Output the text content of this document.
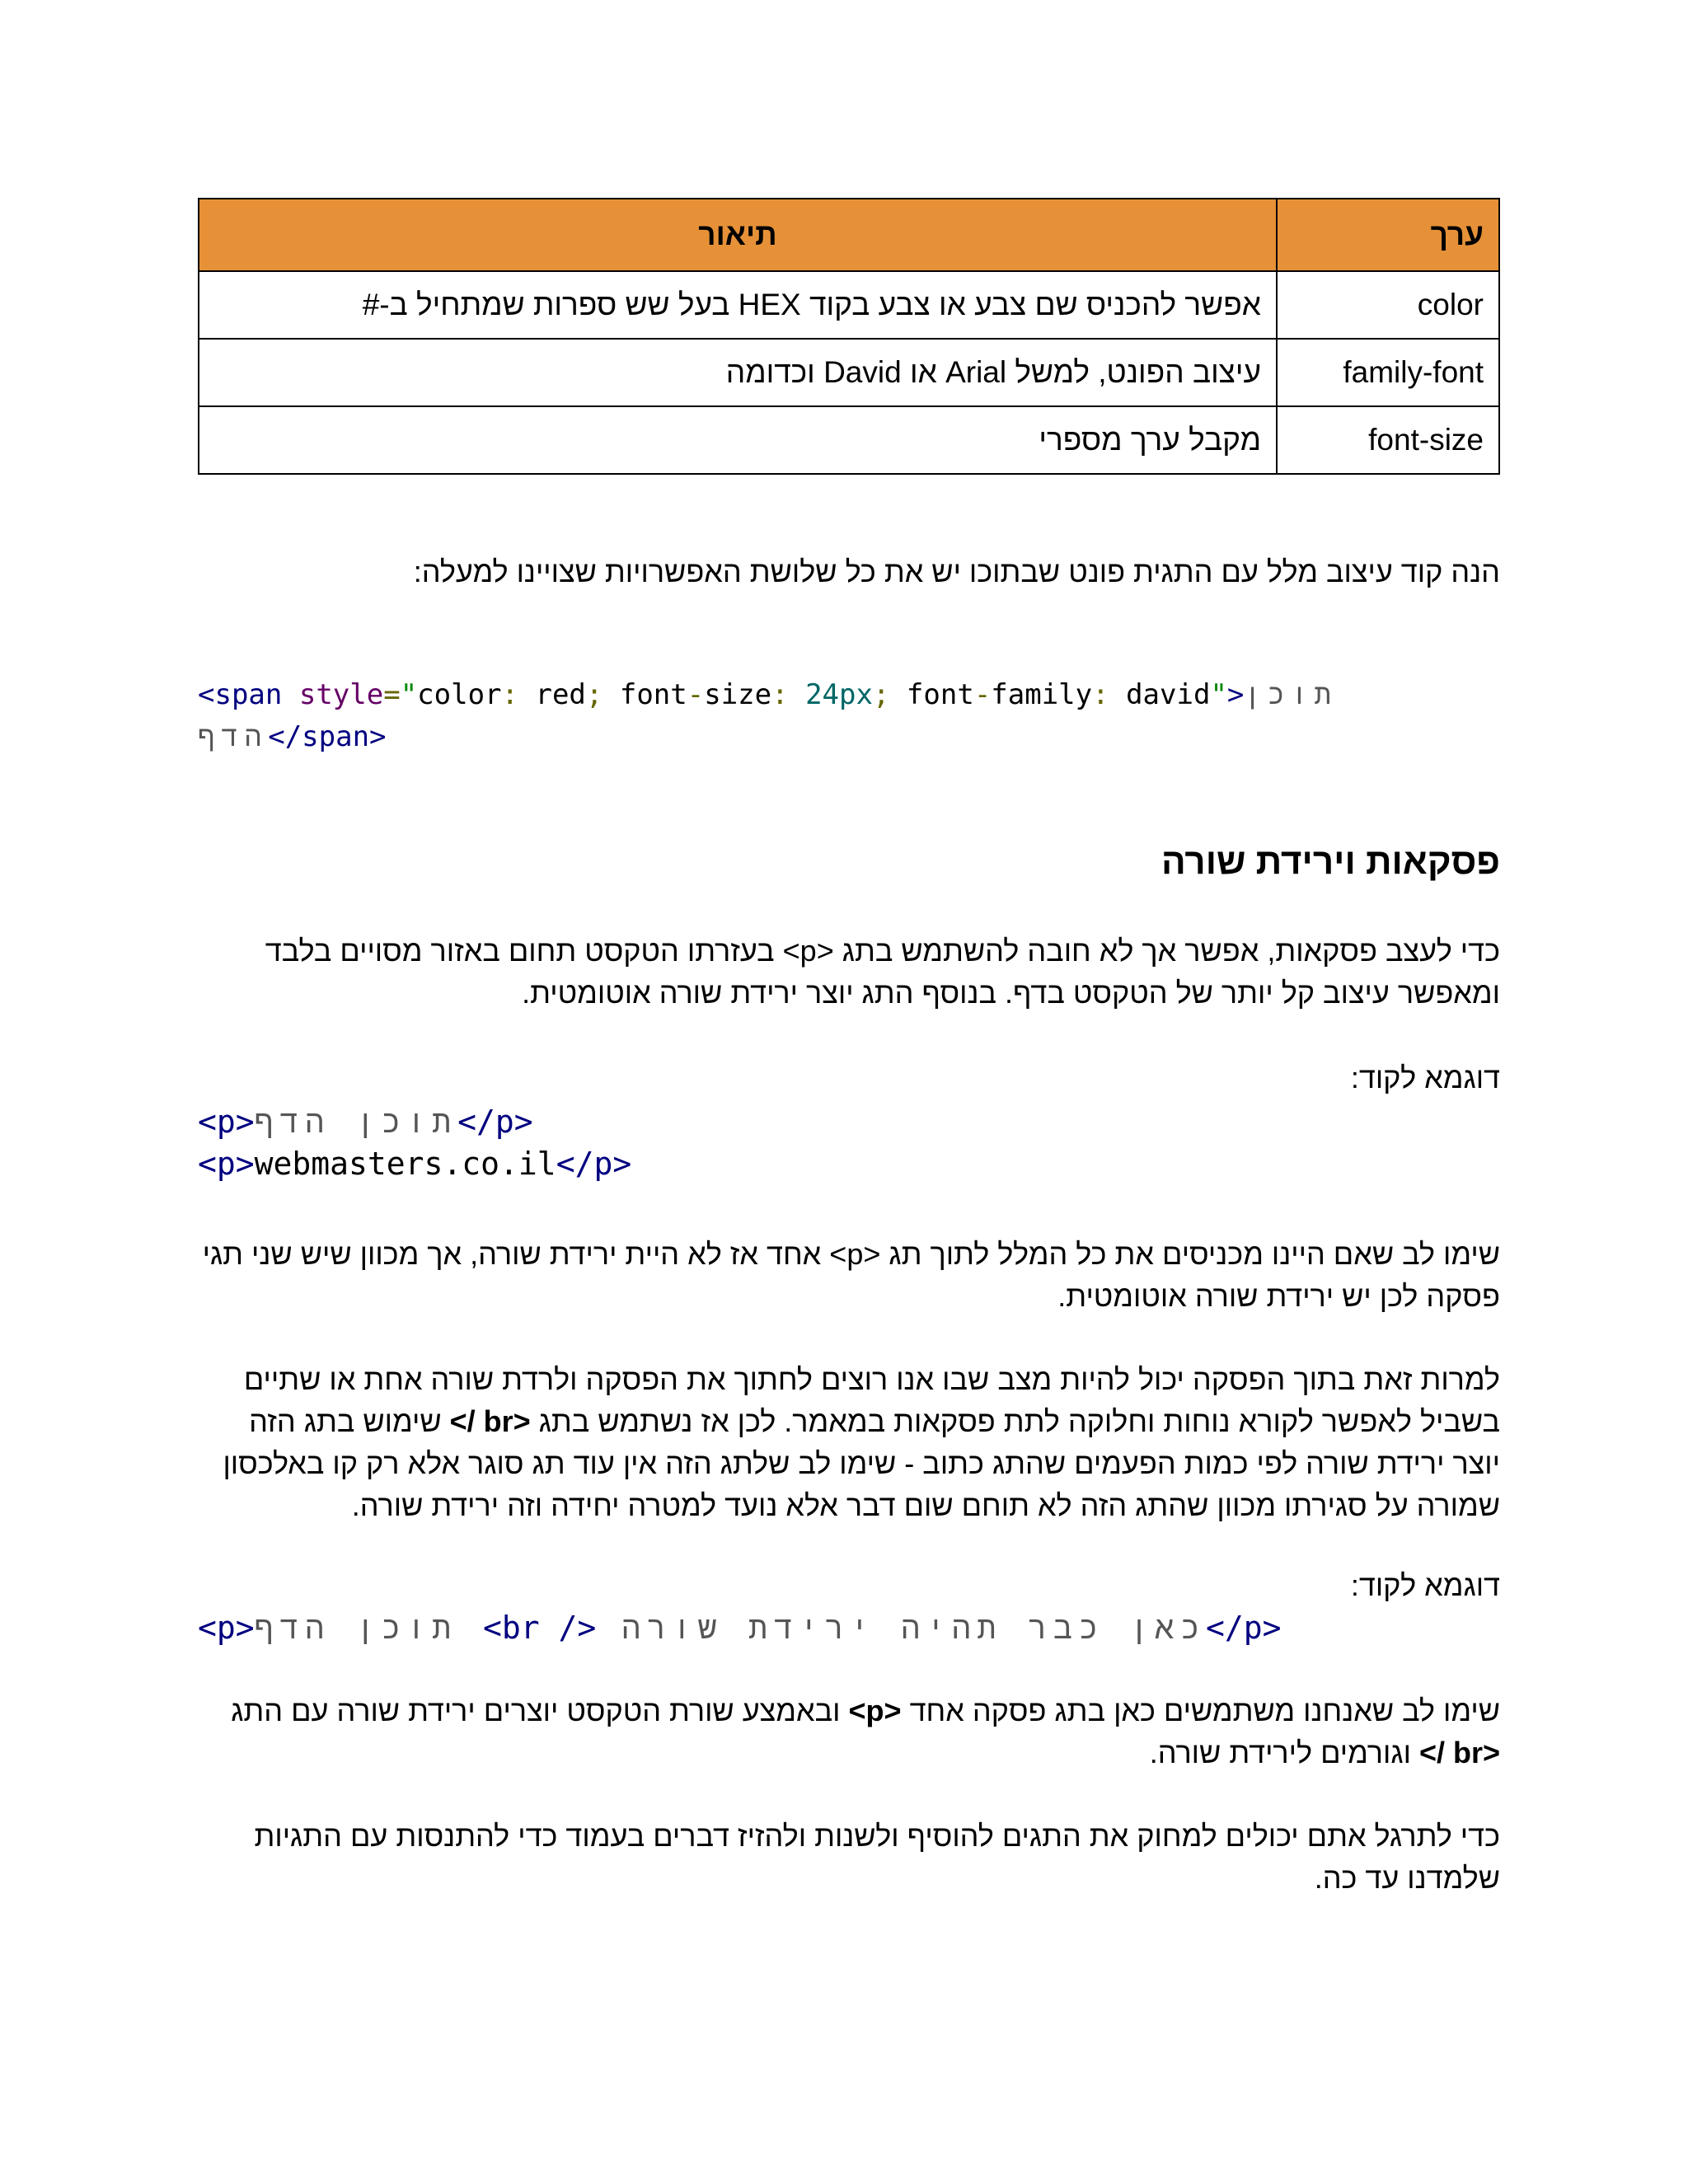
ערך	תיאור
color	אפשר להכניס שם צבע או צבע בקוד HEX בעל שש ספרות שמתחיל ב-#
family-font	עיצוב הפונט, למשל Arial או David וכדומה
font-size	מקבל ערך מספרי

הנה קוד עיצוב מלל עם התגית פונט שבתוכו יש את כל שלושת האפשרויות שצויינו למעלה:

<span style="color: red; font-size: 24px; font-family: david">תוכן הדף</span>
פסקאות וירידת שורה

כדי לעצב פסקאות, אפשר אך לא חובה להשתמש בתג <p> בעזרתו הטקסט תחום באזור מסויים בלבד ומאפשר עיצוב קל יותר של הטקסט בדף. בנוסף התג יוצר ירידת שורה אוטומטית.

דוגמא לקוד:

<p>תוכן הדף</p>
<p>webmasters.co.il</p>

שימו לב שאם היינו מכניסים את כל המלל לתוך תג <p> אחד אז לא היית ירידת שורה, אך מכוון שיש שני תגי פסקה לכן יש ירידת שורה אוטומטית.

למרות זאת בתוך הפסקה יכול להיות מצב שבו אנו רוצים לחתוך את הפסקה ולרדת שורה אחת או שתיים בשביל לאפשר לקורא נוחות וחלוקה לתת פסקאות במאמר. לכן אז נשתמש בתג <br /> שימוש בתג הזה יוצר ירידת שורה לפי כמות הפעמים שהתג כתוב - שימו לב שלתג הזה אין עוד תג סוגר אלא רק קו באלכסון שמורה על סגירתו מכוון שהתג הזה לא תוחם שום דבר אלא נועד למטרה יחידה וזה ירידת שורה.

דוגמא לקוד:

<p>תוכן הדף <br /> כאן כבר תהיה ירידת שורה</p>

שימו לב שאנחנו משתמשים כאן בתג פסקה אחד <p> ובאמצע שורת הטקסט יוצרים ירידת שורה עם התג <br /> וגורמים לירידת שורה.

כדי לתרגל אתם יכולים למחוק את התגים להוסיף ולשנות ולהזיז דברים בעמוד כדי להתנסות עם התגיות שלמדנו עד כה.
